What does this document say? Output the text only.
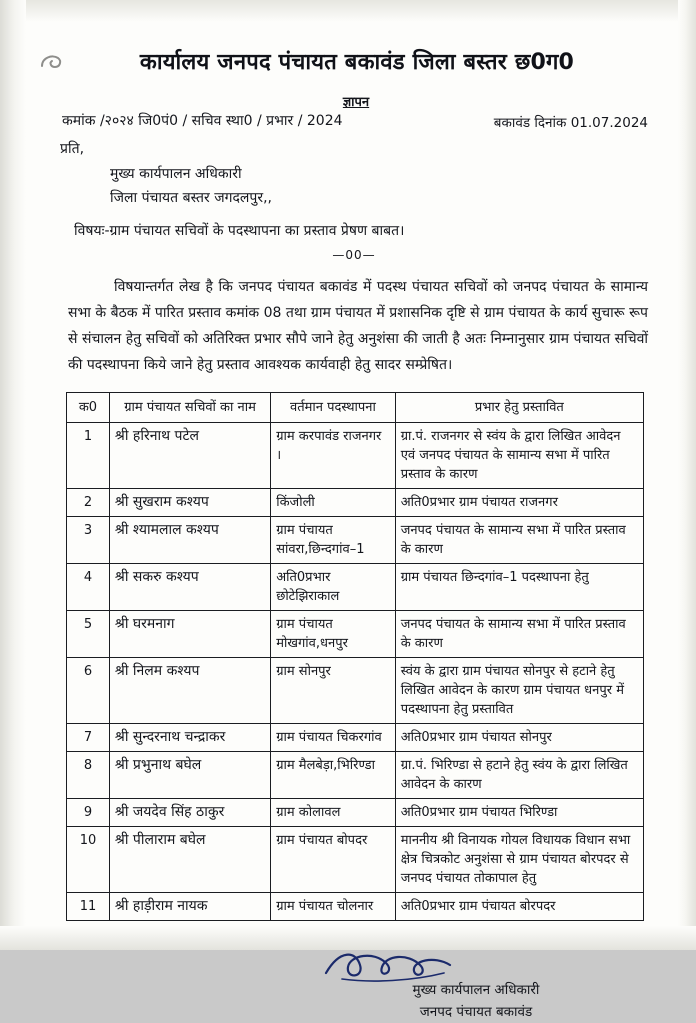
कार्यालय जनपद पंचायत बकावंड जिला बस्तर छ0ग0
ज्ञापन
कमांक /२०२४ जि0पं0 / सचिव स्था0 / प्रभार / 2024	बकावंड दिनांक 01.07.2024
प्रति,
मुख्य कार्यपालन अधिकारी
जिला पंचायत बस्तर जगदलपुर,,
विषयः-ग्राम पंचायत सचिवों के पदस्थापना का प्रस्ताव प्रेषण बाबत।
—00—
विषयान्तर्गत लेख है कि जनपद पंचायत बकावंड में पदस्थ पंचायत सचिवों को जनपद पंचायत के सामान्य सभा के बैठक में पारित प्रस्ताव कमांक 08 तथा ग्राम पंचायत में प्रशासनिक दृष्टि से ग्राम पंचायत के कार्य सुचारू रूप से संचालन हेतु सचिवों को अतिरिक्त प्रभार सौपे जाने हेतु अनुशंसा की जाती है अतः निम्नानुसार ग्राम पंचायत सचिवों की पदस्थापना किये जाने हेतु प्रस्ताव आवश्यक कार्यवाही हेतु सादर सम्प्रेषित।
क0	ग्राम पंचायत सचिवों का नाम	वर्तमान पदस्थापना	प्रभार हेतु प्रस्तावित
1	श्री हरिनाथ पटेल	ग्राम करपावंड राजनगर ।	ग्रा.पं. राजनगर से स्वंय के द्वारा लिखित आवेदन एवं जनपद पंचायत के सामान्य सभा में पारित प्रस्ताव के कारण
2	श्री सुखराम कश्यप	किंजोली	अति0प्रभार ग्राम पंचायत राजनगर
3	श्री श्यामलाल कश्यप	ग्राम पंचायत सांवरा,छिन्दगांव–1	जनपद पंचायत के सामान्य सभा में पारित प्रस्ताव के कारण
4	श्री सकरु कश्यप	अति0प्रभार छोटेझिराकाल	ग्राम पंचायत छिन्दगांव–1 पदस्थापना हेतु
5	श्री घरमनाग	ग्राम पंचायत मोखगांव,धनपुर	जनपद पंचायत के सामान्य सभा में पारित प्रस्ताव के कारण
6	श्री निलम कश्यप	ग्राम सोनपुर	स्वंय के द्वारा ग्राम पंचायत सोनपुर से हटाने हेतु लिखित आवेदन के कारण ग्राम पंचायत धनपुर में पदस्थापना हेतु प्रस्तावित
7	श्री सुन्दरनाथ चन्द्राकर	ग्राम पंचायत चिकरगांव	अति0प्रभार ग्राम पंचायत सोनपुर
8	श्री प्रभुनाथ बघेल	ग्राम मैलबेड़ा,भिरिण्डा	ग्रा.पं. भिरिण्डा से हटाने हेतु स्वंय के द्वारा लिखित आवेदन के कारण
9	श्री जयदेव सिंह ठाकुर	ग्राम कोलावल	अति0प्रभार ग्राम पंचायत भिरिण्डा
10	श्री पीलाराम बघेल	ग्राम पंचायत बोपदर	माननीय श्री विनायक गोयल विधायक विधान सभा क्षेत्र चित्रकोट अनुशंसा से ग्राम पंचायत बोरपदर से जनपद पंचायत तोकापाल हेतु
11	श्री हाड़ीराम नायक	ग्राम पंचायत चोलनार	अति0प्रभार ग्राम पंचायत बोरपदर
मुख्य कार्यपालन अधिकारी
जनपद पंचायत बकावंड
